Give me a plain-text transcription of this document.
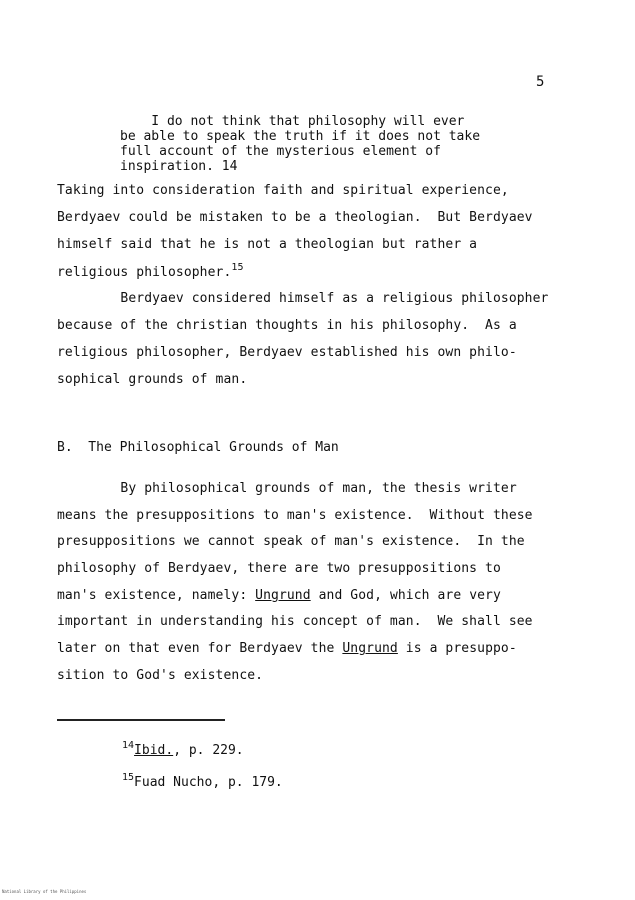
5
I do not think that philosophy will ever
be able to speak the truth if it does not take
full account of the mysterious element of
inspiration. 14
Taking into consideration faith and spiritual experience,
Berdyaev could be mistaken to be a theologian.  But Berdyaev
himself said that he is not a theologian but rather a
religious philosopher.$^{15}$
Berdyaev considered himself as a religious philosopher
because of the christian thoughts in his philosophy.  As a
religious philosopher, Berdyaev established his own philo-
sophical grounds of man.
B.  The Philosophical Grounds of Man
By philosophical grounds of man, the thesis writer
means the presuppositions to man's existence.  Without these
presuppositions we cannot speak of man's existence.  In the
philosophy of Berdyaev, there are two presuppositions to
man's existence, namely: Ungrund and God, which are very
important in understanding his concept of man.  We shall see
later on that even for Berdyaev the Ungrund is a presuppo-
sition to God's existence.
$^{14}$Ibid., p. 229.
$^{15}$Fuad Nucho, p. 179.
National Library of the Philippines
